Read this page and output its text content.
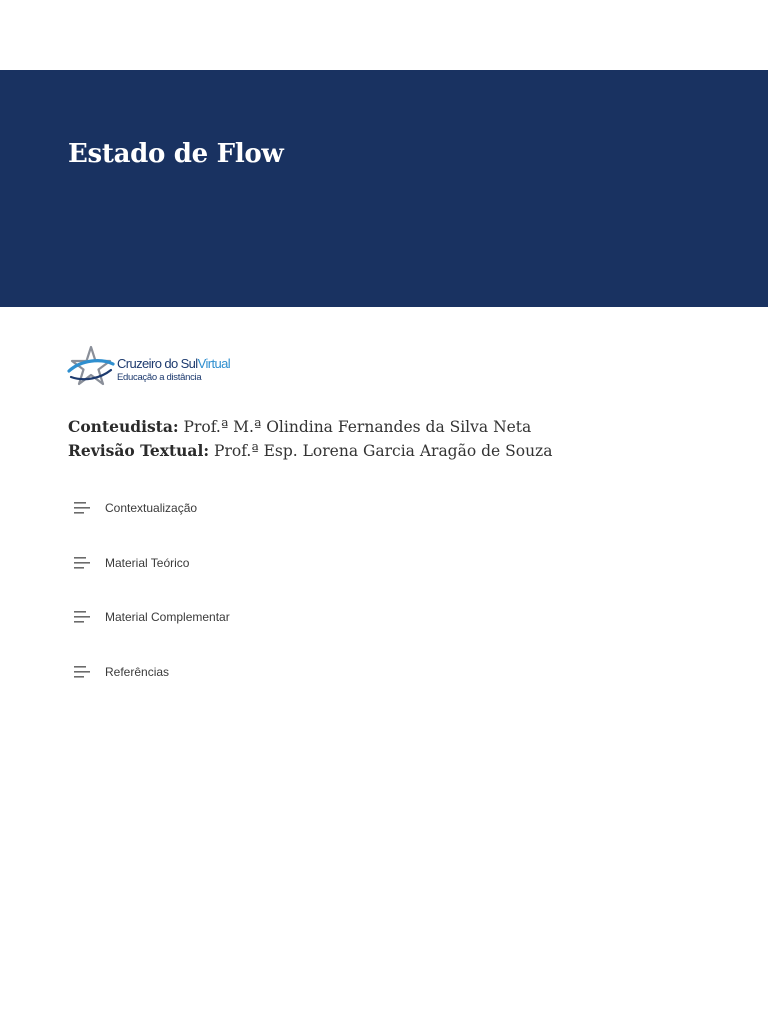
Estado de Flow
Cruzeiro do SulVirtual
Educação a distância
Conteudista: Prof.ª M.ª Olindina Fernandes da Silva Neta
Revisão Textual: Prof.ª Esp. Lorena Garcia Aragão de Souza
Contextualização
Material Teórico
Material Complementar
Referências
